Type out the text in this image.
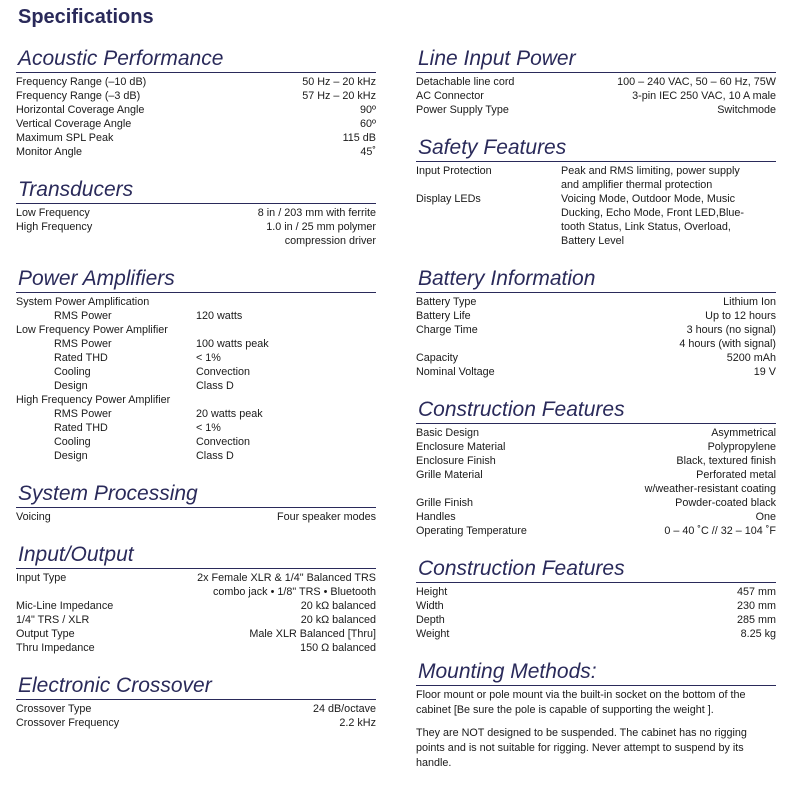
Specifications
Acoustic Performance
Frequency Range (–10 dB)	50 Hz – 20 kHz
Frequency Range (–3 dB)	57 Hz – 20 kHz
Horizontal Coverage Angle	90º
Vertical Coverage Angle	60º
Maximum SPL Peak	115 dB
Monitor Angle	45˚
Transducers
Low Frequency	8 in / 203 mm with ferrite
High Frequency	1.0 in / 25 mm polymer
compression driver
Power Amplifiers
System Power Amplification
RMS Power	120 watts
Low Frequency Power Amplifier
RMS Power	100 watts peak
Rated THD	< 1%
Cooling	Convection
Design	Class D
High Frequency Power Amplifier
RMS Power	20 watts peak
Rated THD	< 1%
Cooling	Convection
Design	Class D
System Processing
Voicing	Four speaker modes
Input/Output
Input Type	2x Female XLR & 1/4" Balanced TRS
combo jack • 1/8" TRS • Bluetooth
Mic-Line Impedance	20 kΩ balanced
1/4" TRS / XLR	20 kΩ balanced
Output Type	Male XLR Balanced [Thru]
Thru Impedance	150 Ω balanced
Electronic Crossover
Crossover Type	24 dB/octave
Crossover Frequency	2.2 kHz
Line Input Power
Detachable line cord	100 – 240 VAC, 50 – 60 Hz, 75W
AC Connector	3-pin IEC 250 VAC, 10 A male
Power Supply Type	Switchmode
Safety Features
Input Protection	Peak and RMS limiting, power supply
and amplifier thermal protection
Display LEDs	Voicing Mode, Outdoor Mode, Music
Ducking, Echo Mode, Front LED,Blue-
tooth Status, Link Status, Overload,
Battery Level
Battery Information
Battery Type	Lithium Ion
Battery Life	Up to 12 hours
Charge Time	3 hours (no signal)
4 hours (with signal)
Capacity	5200 mAh
Nominal Voltage	19 V
Construction Features
Basic Design	Asymmetrical
Enclosure Material	Polypropylene
Enclosure Finish	Black, textured finish
Grille Material	Perforated metal
w/weather-resistant coating
Grille Finish	Powder-coated black
Handles	One
Operating Temperature	0 – 40 ˚C // 32 – 104 ˚F
Construction Features
Height	457 mm
Width	230 mm
Depth	285 mm
Weight	8.25 kg
Mounting Methods:

Floor mount or pole mount via the built-in socket on the bottom of the cabinet [Be sure the pole is capable of supporting the weight ].

They are NOT designed to be suspended. The cabinet has no rigging points and is not suitable for rigging. Never attempt to suspend by its handle.
